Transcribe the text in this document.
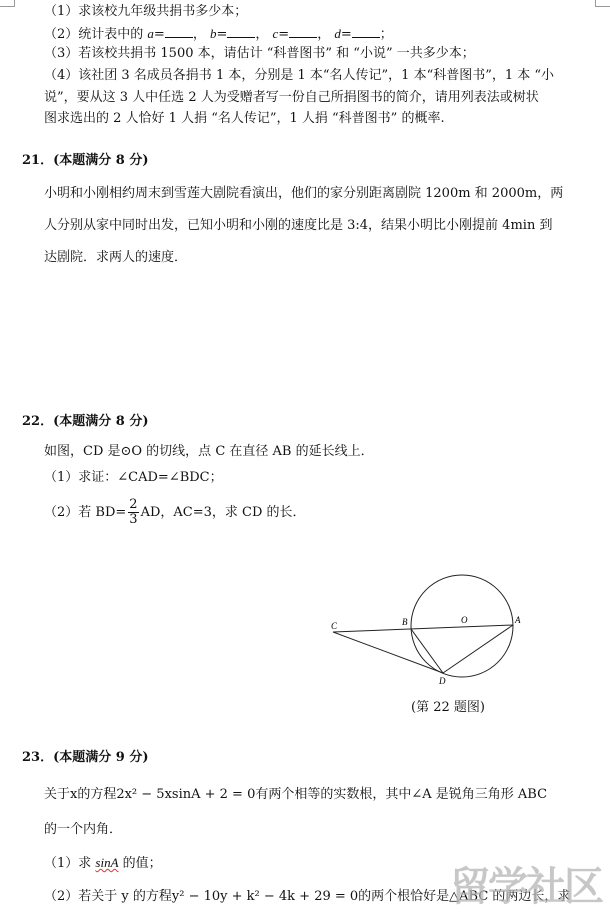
（1）求该校九年级共捐书多少本；
（2）统计表中的 a= ， b= ， c= ， d= ；
（3）若该校共捐书 1500 本，请估计 “科普图书” 和 “小说” 一共多少本；
（4）该社团 3 名成员各捐书 1 本，分别是 1 本“名人传记”，1 本“科普图书”，1 本 “小
说”，要从这 3 人中任选 2 人为受赠者写一份自己所捐图书的简介，请用列表法或树状
图求选出的 2 人恰好 1 人捐 “名人传记”，1 人捐 “科普图书” 的概率.
21．(本题满分 8 分)
小明和小刚相约周末到雪莲大剧院看演出，他们的家分别距离剧院 1200m 和 2000m，两
人分别从家中同时出发，已知小明和小刚的速度比是 3:4，结果小明比小刚提前 4min 到
达剧院．求两人的速度．
22．(本题满分 8 分)
如图，CD 是⊙O 的切线，点 C 在直径 AB 的延长线上．
（1）求证：∠CAD=∠BDC；
（2）若 $BD= \frac{2}{3}$ AD，AC=3，求 CD 的长．
C	B	O	A
D
(第 22 题图)
23．(本题满分 9 分)
关于x的方程2x² − 5xsinA + 2 = 0有两个相等的实数根，其中∠A 是锐角三角形 ABC
的一个内角．
（1）求 sinA 的值；
（2）若关于 y 的方程y² − 10y + k² − 4k + 29 = 0的两个根恰好是△ABC 的两边长，求
留学社区
